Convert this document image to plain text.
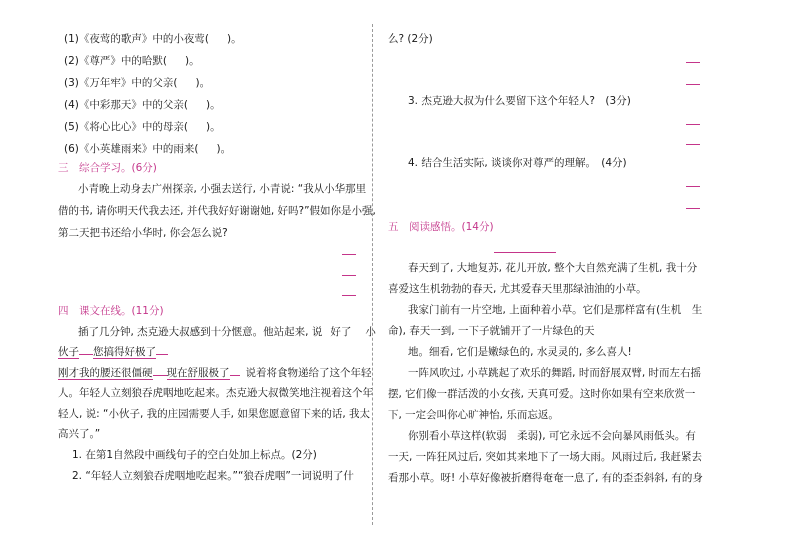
(1)《夜莺的歌声》中的小夜莺( )。
(2)《尊严》中的哈默( )。
(3)《万年牢》中的父亲( )。
(4)《中彩那天》中的父亲( )。
(5)《将心比心》中的母亲( )。
(6)《小英雄雨来》中的雨来( )。
三　综合学习。(6分)
小青晚上动身去广州探亲, 小强去送行, 小青说: “我从小华那里
借的书, 请你明天代我去还, 并代我好好谢谢她, 好吗?”假如你是小强,
第二天把书还给小华时, 你会怎么说?
四　课文在线。(11分)
插了几分钟, 杰克逊大叔感到十分惬意。他站起来, 说 好了 小
伙子 您搞得好极了
刚才我的腰还很僵硬 现在舒服极了 说着将食物递给了这个年轻
人。年轻人立刻狼吞虎咽地吃起来。杰克逊大叔微笑地注视着这个年
轻人, 说: “小伙子, 我的庄园需要人手, 如果您愿意留下来的话, 我太
高兴了。”
1. 在第1自然段中画线句子的空白处加上标点。(2分)
2. “年轻人立刻狼吞虎咽地吃起来。”“狼吞虎咽”一词说明了什
么? (2分)
3. 杰克逊大叔为什么要留下这个年轻人?　(3分)
4. 结合生活实际, 谈谈你对尊严的理解。　(4分)
五　阅读感悟。(14分)
春天到了, 大地复苏, 花儿开放, 整个大自然充满了生机, 我十分
喜爱这生机勃勃的春天, 尤其爱春天里那绿油油的小草。
我家门前有一片空地, 上面种着小草。它们是那样富有(生机　生
命), 春天一到, 一下子就铺开了一片绿色的天
地。细看, 它们是嫩绿色的, 水灵灵的, 多么喜人!
一阵风吹过, 小草跳起了欢乐的舞蹈, 时而舒展双臂, 时而左右摇
摆, 它们像一群活泼的小女孩, 天真可爱。这时你如果有空来欣赏一
下, 一定会叫你心旷神怡, 乐而忘返。
你别看小草这样(软弱　柔弱), 可它永远不会向暴风雨低头。有
一天, 一阵狂风过后, 突如其来地下了一场大雨。风雨过后, 我赶紧去
看那小草。呀! 小草好像被折磨得奄奄一息了, 有的歪歪斜斜, 有的身
